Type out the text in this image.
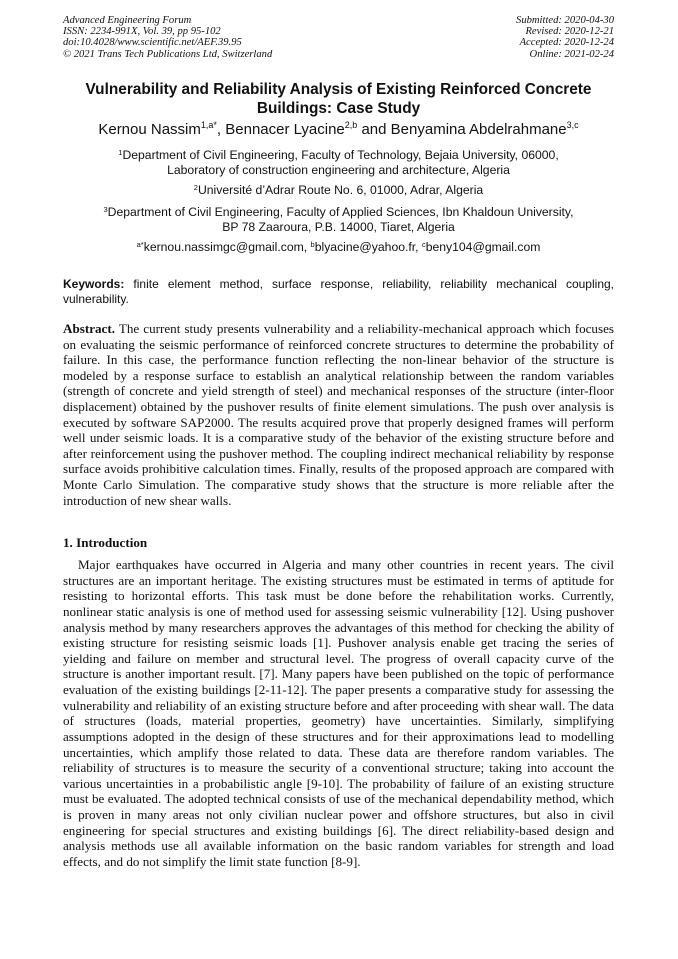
Advanced Engineering Forum
ISSN: 2234-991X, Vol. 39, pp 95-102
doi:10.4028/www.scientific.net/AEF.39.95
© 2021 Trans Tech Publications Ltd, Switzerland
Submitted: 2020-04-30
Revised: 2020-12-21
Accepted: 2020-12-24
Online: 2021-02-24
Vulnerability and Reliability Analysis of Existing Reinforced Concrete
Buildings: Case Study
Kernou Nassim$^{1,a*}$, Bennacer Lyacine$^{2,b}$ and Benyamina Abdelrahmane$^{3,c}$
$^1$Department of Civil Engineering, Faculty of Technology, Bejaia University, 06000,
Laboratory of construction engineering and architecture, Algeria
$^2$Université d’Adrar Route No. 6, 01000, Adrar, Algeria
$^3$Department of Civil Engineering, Faculty of Applied Sciences, Ibn Khaldoun University,
BP 78 Zaaroura, P.B. 14000, Tiaret, Algeria
$^{a*}$kernou.nassimgc@gmail.com, $^b$blyacine@yahoo.fr, $^c$beny104@gmail.com
Keywords: finite element method, surface response, reliability, reliability mechanical coupling, vulnerability.
Abstract. The current study presents vulnerability and a reliability-mechanical approach which focuses on evaluating the seismic performance of reinforced concrete structures to determine the probability of failure. In this case, the performance function reflecting the non-linear behavior of the structure is modeled by a response surface to establish an analytical relationship between the random variables (strength of concrete and yield strength of steel) and mechanical responses of the structure (inter-floor displacement) obtained by the pushover results of finite element simulations. The push over analysis is executed by software SAP2000. The results acquired prove that properly designed frames will perform well under seismic loads. It is a comparative study of the behavior of the existing structure before and after reinforcement using the pushover method. The coupling indirect mechanical reliability by response surface avoids prohibitive calculation times. Finally, results of the proposed approach are compared with Monte Carlo Simulation. The comparative study shows that the structure is more reliable after the introduction of new shear walls.
1. Introduction
Major earthquakes have occurred in Algeria and many other countries in recent years. The civil structures are an important heritage. The existing structures must be estimated in terms of aptitude for resisting to horizontal efforts. This task must be done before the rehabilitation works. Currently, nonlinear static analysis is one of method used for assessing seismic vulnerability [12]. Using pushover analysis method by many researchers approves the advantages of this method for checking the ability of existing structure for resisting seismic loads [1]. Pushover analysis enable get tracing the series of yielding and failure on member and structural level. The progress of overall capacity curve of the structure is another important result. [7]. Many papers have been published on the topic of performance evaluation of the existing buildings [2-11-12]. The paper presents a comparative study for assessing the vulnerability and reliability of an existing structure before and after proceeding with shear wall. The data of structures (loads, material properties, geometry) have uncertainties. Similarly, simplifying assumptions adopted in the design of these structures and for their approximations lead to modelling uncertainties, which amplify those related to data. These data are therefore random variables. The reliability of structures is to measure the security of a conventional structure; taking into account the various uncertainties in a probabilistic angle [9-10]. The probability of failure of an existing structure must be evaluated. The adopted technical consists of use of the mechanical dependability method, which is proven in many areas not only civilian nuclear power and offshore structures, but also in civil engineering for special structures and existing buildings [6]. The direct reliability-based design and analysis methods use all available information on the basic random variables for strength and load effects, and do not simplify the limit state function [8-9].
